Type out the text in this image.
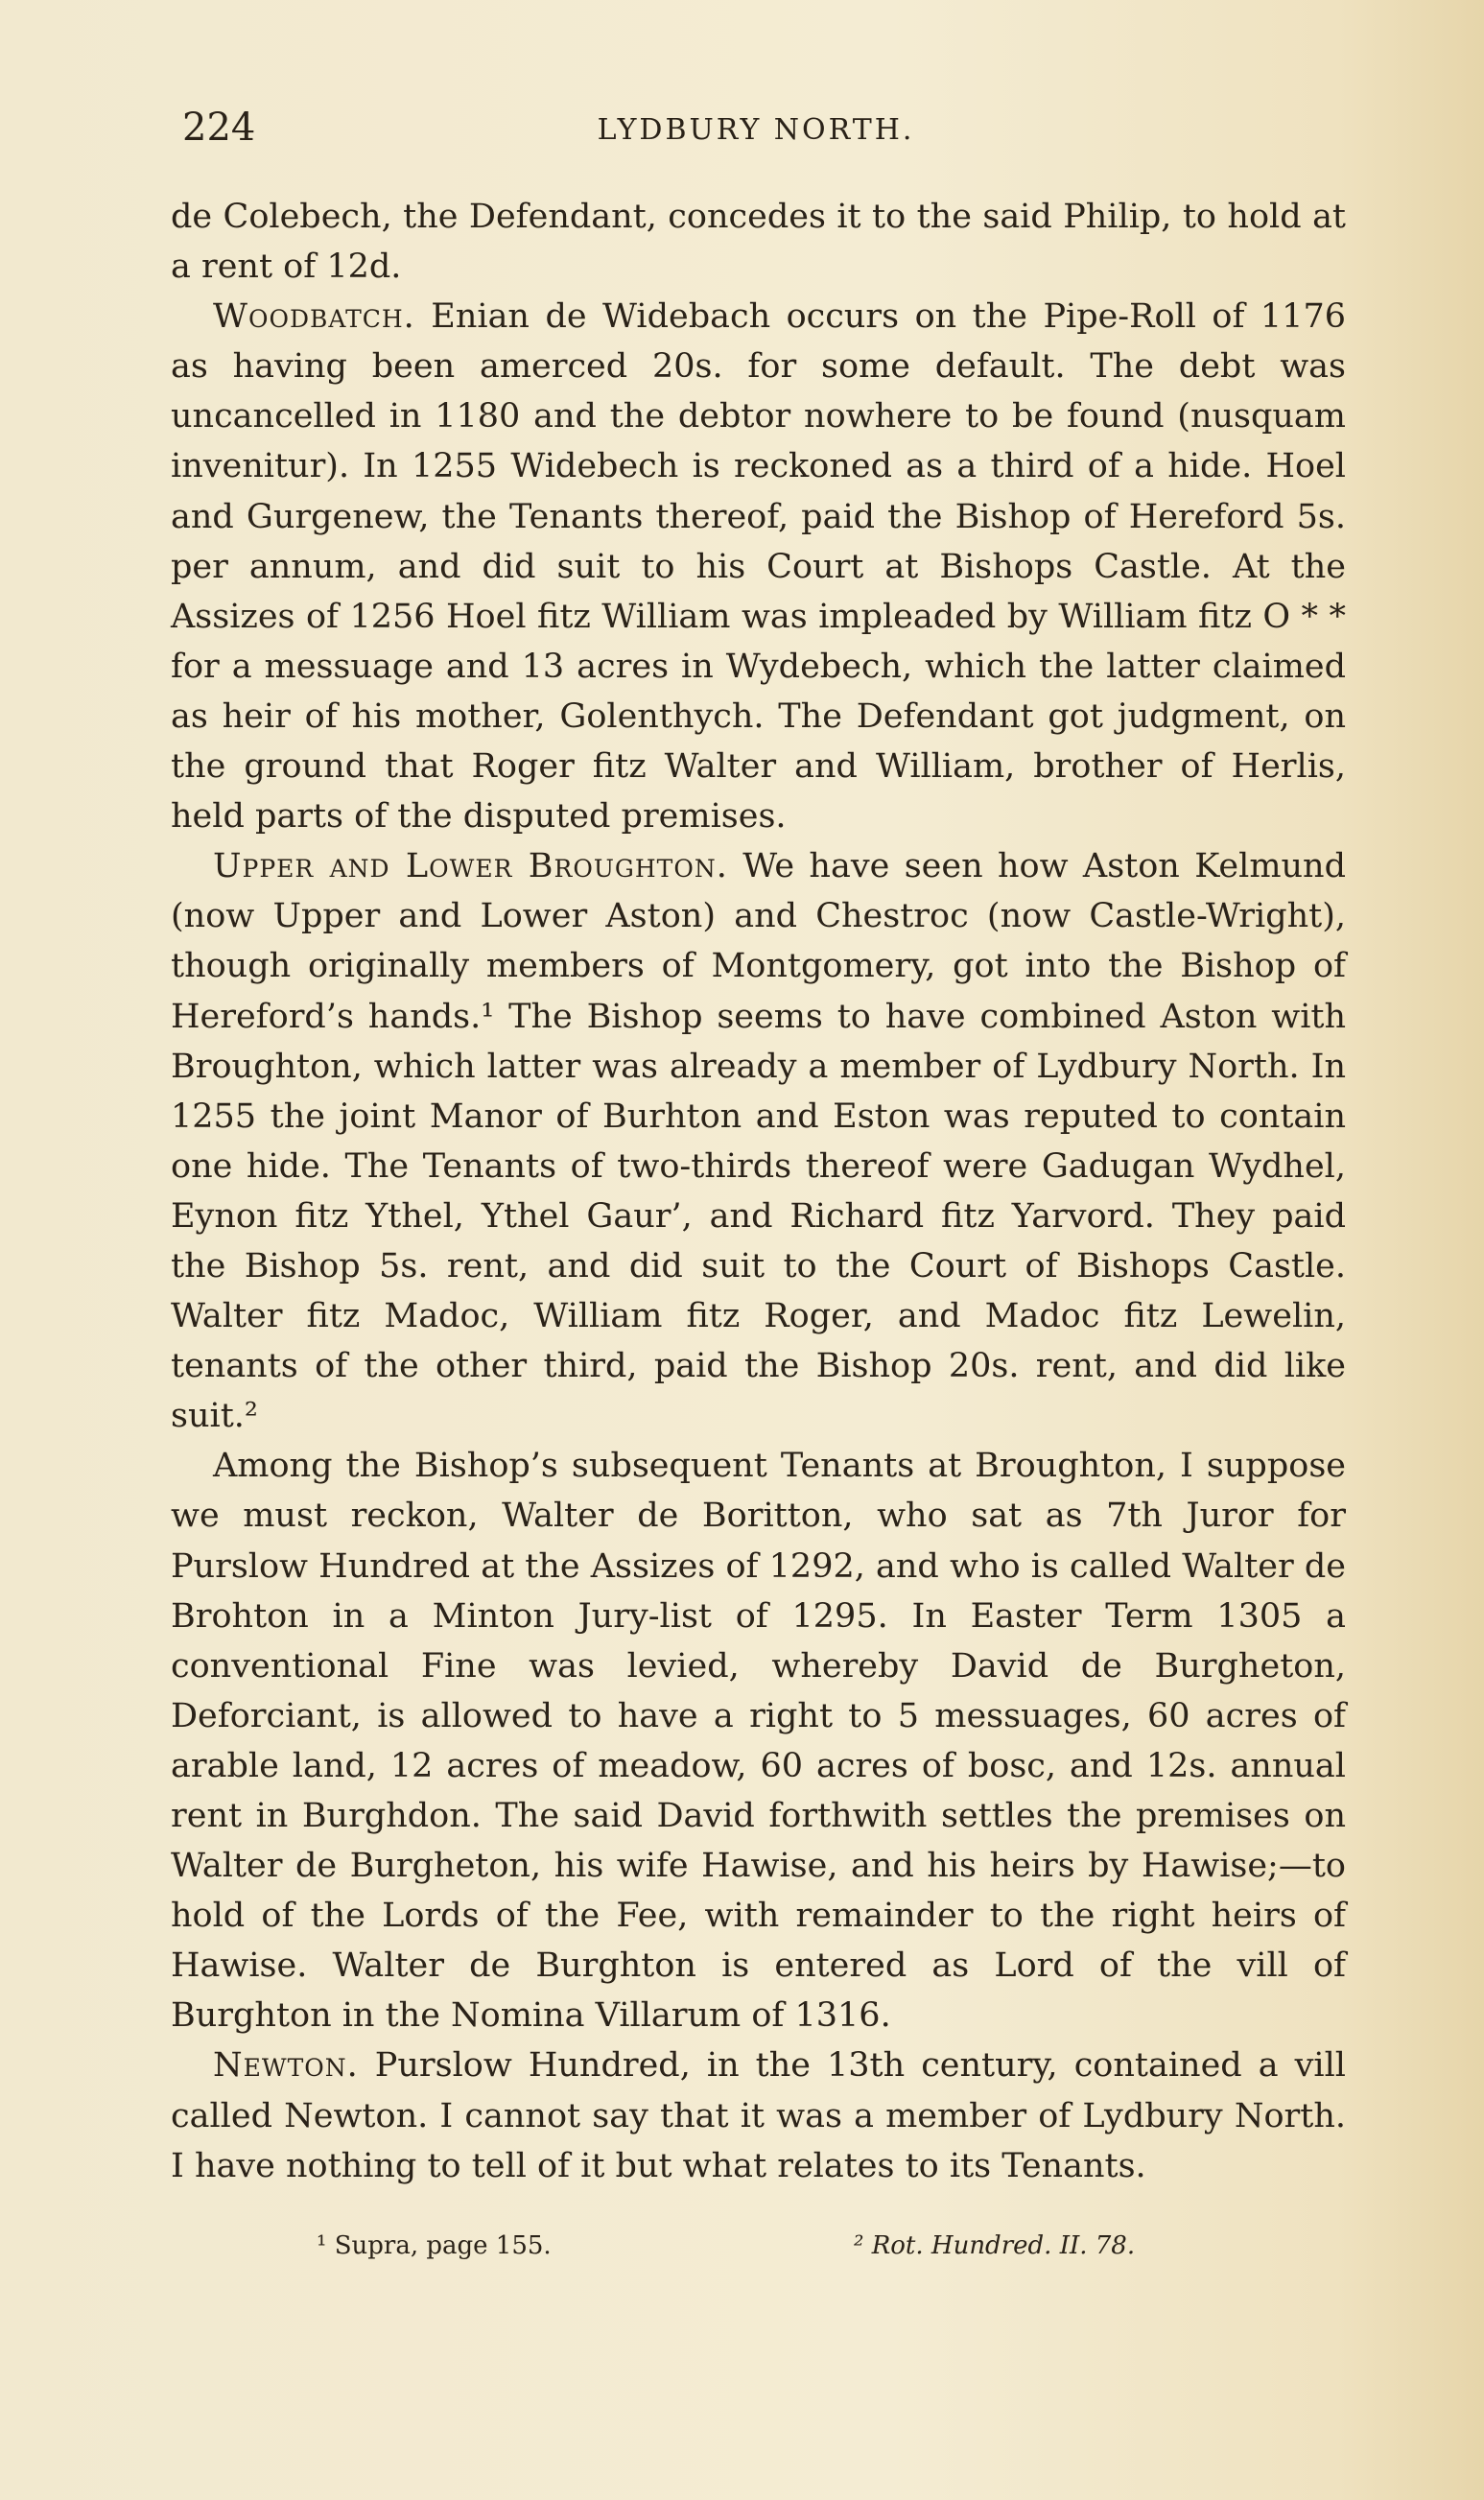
224	LYDBURY NORTH.

de Colebech, the Defendant, concedes it to the said Philip, to hold at a rent of 12d.

Woodbatch. Enian de Widebach occurs on the Pipe-Roll of 1176 as having been amerced 20s. for some default. The debt was uncancelled in 1180 and the debtor nowhere to be found (nusquam invenitur). In 1255 Widebech is reckoned as a third of a hide. Hoel and Gurgenew, the Tenants thereof, paid the Bishop of Hereford 5s. per annum, and did suit to his Court at Bishops Castle. At the Assizes of 1256 Hoel fitz William was impleaded by William fitz O * * for a messuage and 13 acres in Wydebech, which the latter claimed as heir of his mother, Golenthych. The Defendant got judgment, on the ground that Roger fitz Walter and William, brother of Herlis, held parts of the disputed premises.

Upper and Lower Broughton. We have seen how Aston Kelmund (now Upper and Lower Aston) and Chestroc (now Castle-Wright), though originally members of Montgomery, got into the Bishop of Hereford’s hands.¹ The Bishop seems to have combined Aston with Broughton, which latter was already a member of Lydbury North. In 1255 the joint Manor of Burhton and Eston was reputed to contain one hide. The Tenants of two-thirds thereof were Gadugan Wydhel, Eynon fitz Ythel, Ythel Gaur’, and Richard fitz Yarvord. They paid the Bishop 5s. rent, and did suit to the Court of Bishops Castle. Walter fitz Madoc, William fitz Roger, and Madoc fitz Lewelin, tenants of the other third, paid the Bishop 20s. rent, and did like suit.²

Among the Bishop’s subsequent Tenants at Broughton, I suppose we must reckon, Walter de Boritton, who sat as 7th Juror for Purslow Hundred at the Assizes of 1292, and who is called Walter de Brohton in a Minton Jury-list of 1295. In Easter Term 1305 a conventional Fine was levied, whereby David de Burgheton, Deforciant, is allowed to have a right to 5 messuages, 60 acres of arable land, 12 acres of meadow, 60 acres of bosc, and 12s. annual rent in Burghdon. The said David forthwith settles the premises on Walter de Burgheton, his wife Hawise, and his heirs by Hawise;—to hold of the Lords of the Fee, with remainder to the right heirs of Hawise. Walter de Burghton is entered as Lord of the vill of Burghton in the Nomina Villarum of 1316.

Newton. Purslow Hundred, in the 13th century, contained a vill called Newton. I cannot say that it was a member of Lydbury North. I have nothing to tell of it but what relates to its Tenants.

¹ Supra, page 155.	² Rot. Hundred. II. 78.
